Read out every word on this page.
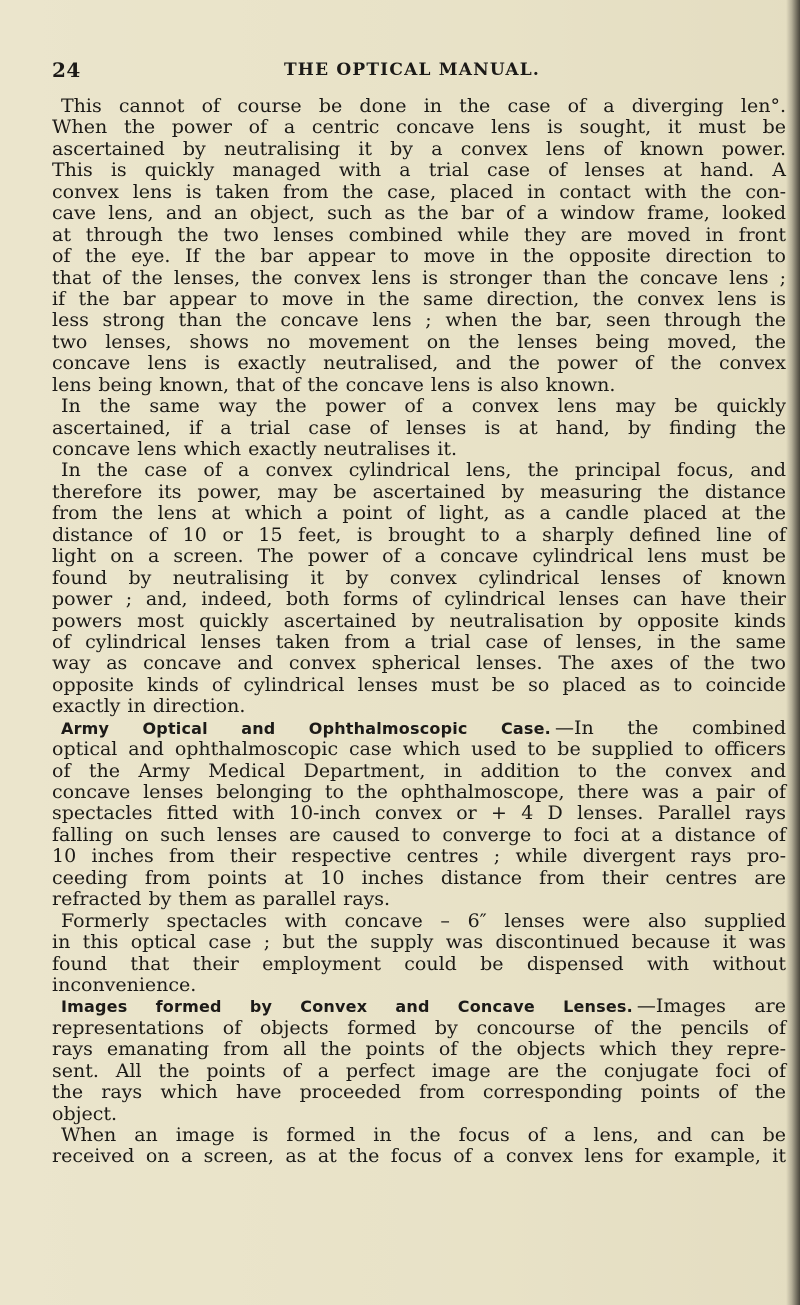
24	THE OPTICAL MANUAL.
This cannot of course be done in the case of a diverging len°.
When the power of a centric concave lens is sought, it must be
ascertained by neutralising it by a convex lens of known power.
This is quickly managed with a trial case of lenses at hand. A
convex lens is taken from the case, placed in contact with the con-
cave lens, and an object, such as the bar of a window frame, looked
at through the two lenses combined while they are moved in front
of the eye. If the bar appear to move in the opposite direction to
that of the lenses, the convex lens is stronger than the concave lens ;
if the bar appear to move in the same direction, the convex lens is
less strong than the concave lens ; when the bar, seen through the
two lenses, shows no movement on the lenses being moved, the
concave lens is exactly neutralised, and the power of the convex
lens being known, that of the concave lens is also known.
In the same way the power of a convex lens may be quickly
ascertained, if a trial case of lenses is at hand, by finding the
concave lens which exactly neutralises it.
In the case of a convex cylindrical lens, the principal focus, and
therefore its power, may be ascertained by measuring the distance
from the lens at which a point of light, as a candle placed at the
distance of 10 or 15 feet, is brought to a sharply defined line of
light on a screen. The power of a concave cylindrical lens must be
found by neutralising it by convex cylindrical lenses of known
power ; and, indeed, both forms of cylindrical lenses can have their
powers most quickly ascertained by neutralisation by opposite kinds
of cylindrical lenses taken from a trial case of lenses, in the same
way as concave and convex spherical lenses. The axes of the two
opposite kinds of cylindrical lenses must be so placed as to coincide
exactly in direction.
Army Optical and Ophthalmoscopic Case. —In the combined
optical and ophthalmoscopic case which used to be supplied to officers
of the Army Medical Department, in addition to the convex and
concave lenses belonging to the ophthalmoscope, there was a pair of
spectacles fitted with 10-inch convex or + 4 D lenses. Parallel rays
falling on such lenses are caused to converge to foci at a distance of
10 inches from their respective centres ; while divergent rays pro-
ceeding from points at 10 inches distance from their centres are
refracted by them as parallel rays.
Formerly spectacles with concave – 6″ lenses were also supplied
in this optical case ; but the supply was discontinued because it was
found that their employment could be dispensed with without
inconvenience.
Images formed by Convex and Concave Lenses. —Images are
representations of objects formed by concourse of the pencils of
rays emanating from all the points of the objects which they repre-
sent. All the points of a perfect image are the conjugate foci of
the rays which have proceeded from corresponding points of the
object.
When an image is formed in the focus of a lens, and can be
received on a screen, as at the focus of a convex lens for example, it
